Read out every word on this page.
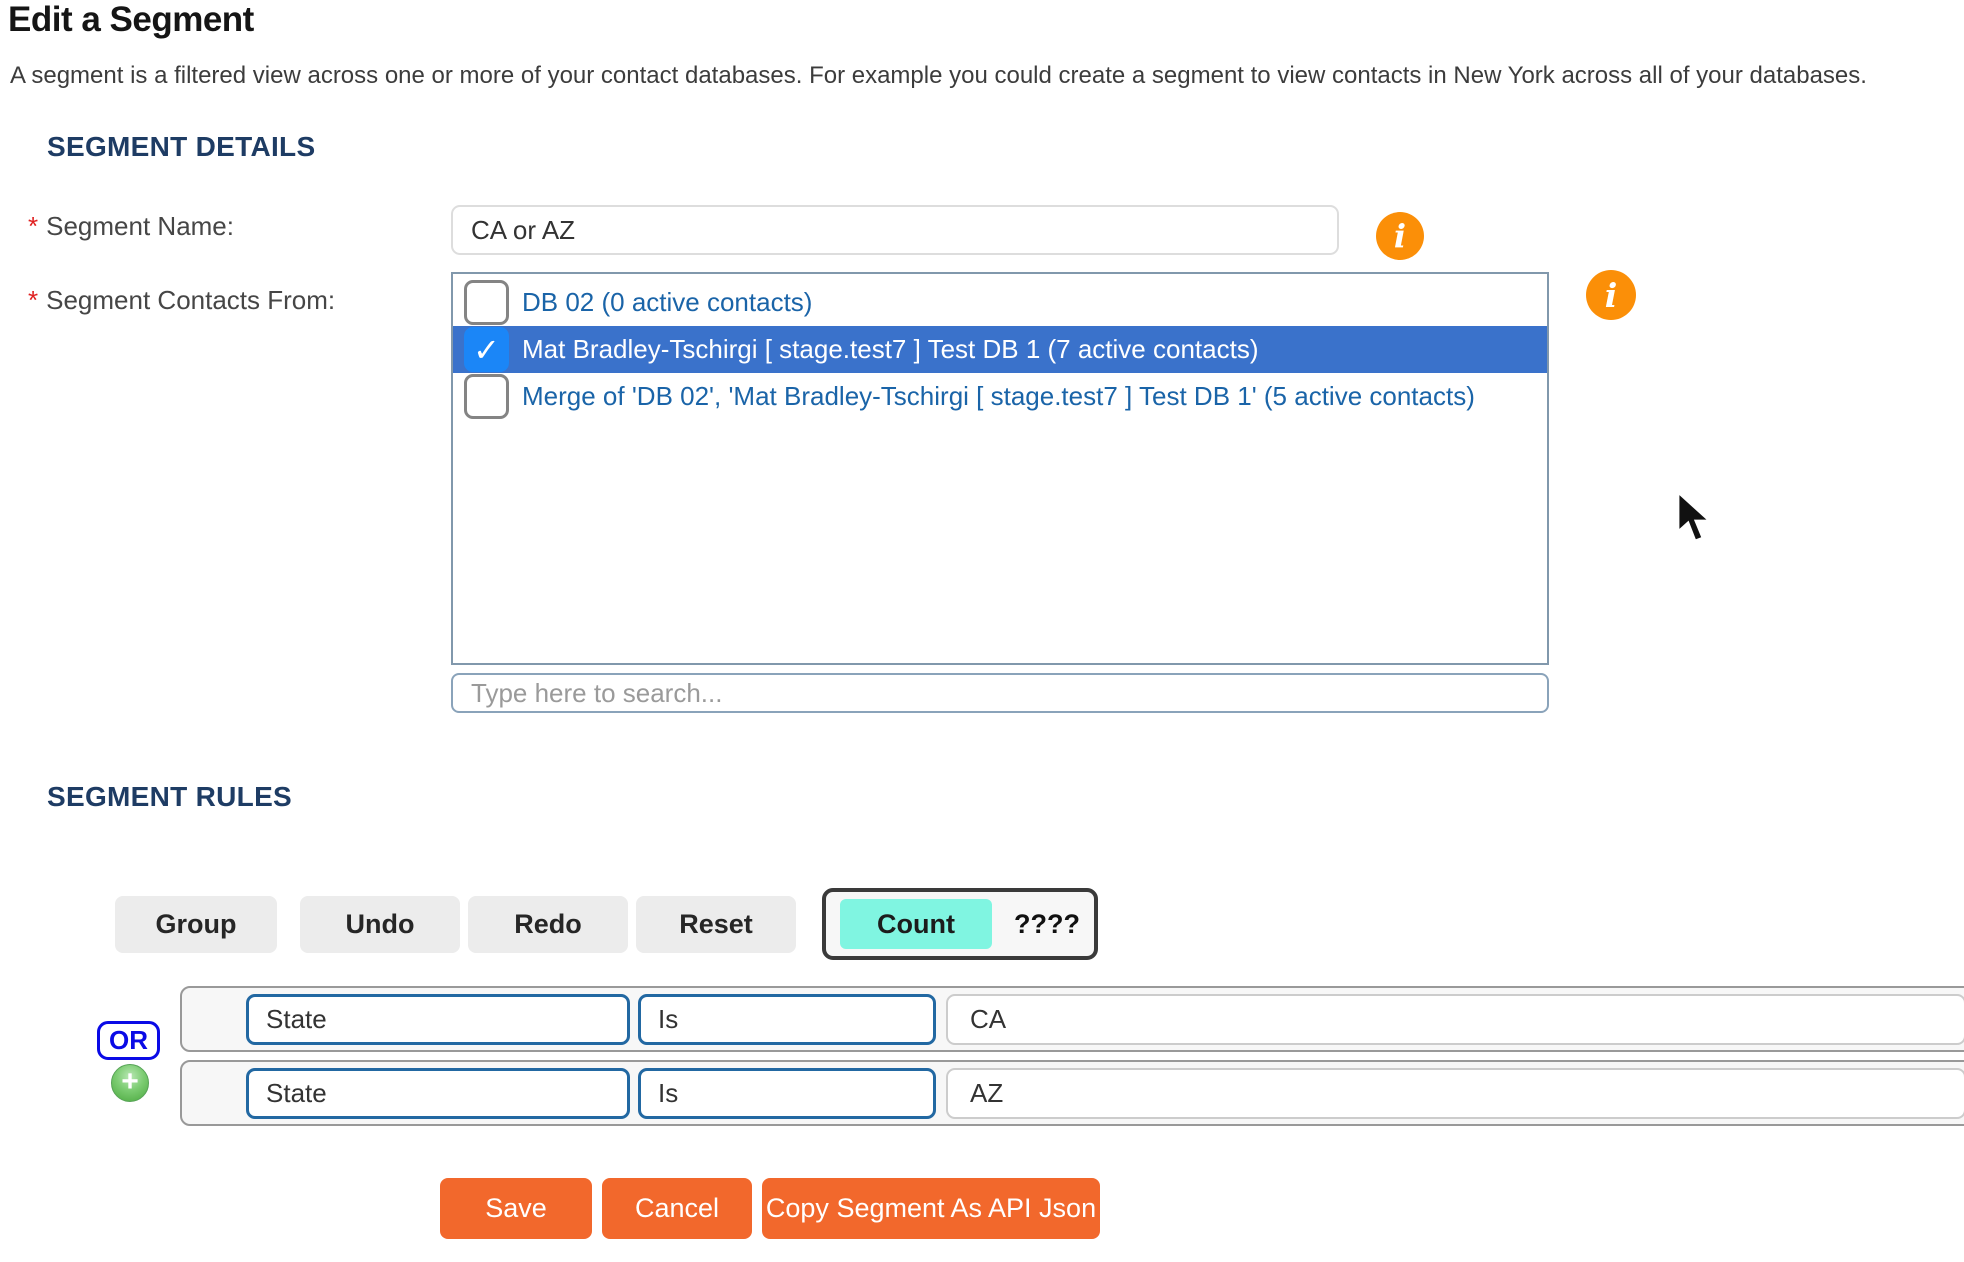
Edit a Segment

A segment is a filtered view across one or more of your contact databases. For example you could create a segment to view contacts in New York across all of your databases.

SEGMENT DETAILS
* Segment Name:
CA or AZ	i
* Segment Contacts From:	DB 02 (0 active contacts)
✓ Mat Bradley-Tschirgi [ stage.test7 ] Test DB 1 (7 active contacts)
Merge of 'DB 02', 'Mat Bradley-Tschirgi [ stage.test7 ] Test DB 1' (5 active contacts)
i
Type here to search...
SEGMENT RULES
Group	Undo	Redo	Reset	Count	????
OR
+
State	Is	CA
State	Is	AZ
Save	Cancel	Copy Segment As API Json
